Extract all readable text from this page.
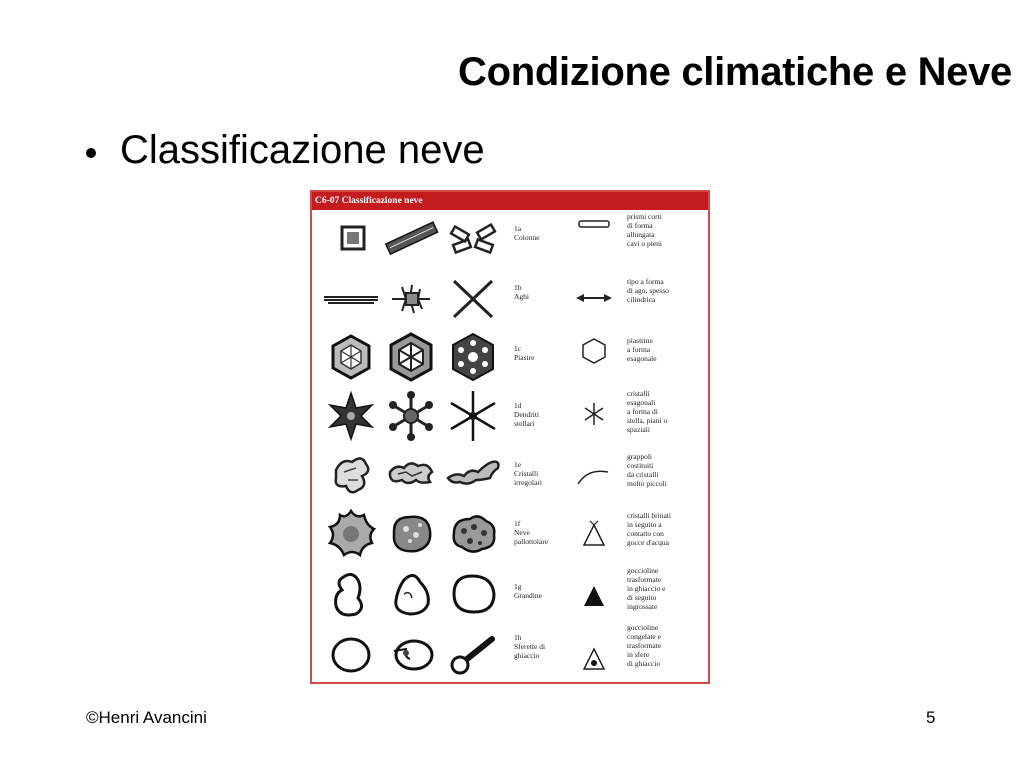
Condizione climatiche e Neve
Classificazione neve
C6-07 Classificazione neve
1a
Colonne
prismi corti
di forma
allungata
cavi o pieni
1b
Aghi
tipo a forma
di ago, spesso
cilindrica
1c
Piastre
piastrine
a forma
esagonale
1d
Dendriti
stellari
cristalli
esagonali
a forma di
stella, piani o
spaziali
1e
Cristalli
irregolari
grappoli
costituiti
da cristalli
molto piccoli
1f
Neve
pallottolare
cristalli brinati
in seguito a
contatto con
gocce d'acqua
1g
Grandine
goccioline
trasformate
in ghiaccio e
di seguito
ingrossate
1h
Sferette di
ghiaccio
goccioline
congelate e
trasformate
in sfere
di ghiaccio
©Henri Avancini	5
